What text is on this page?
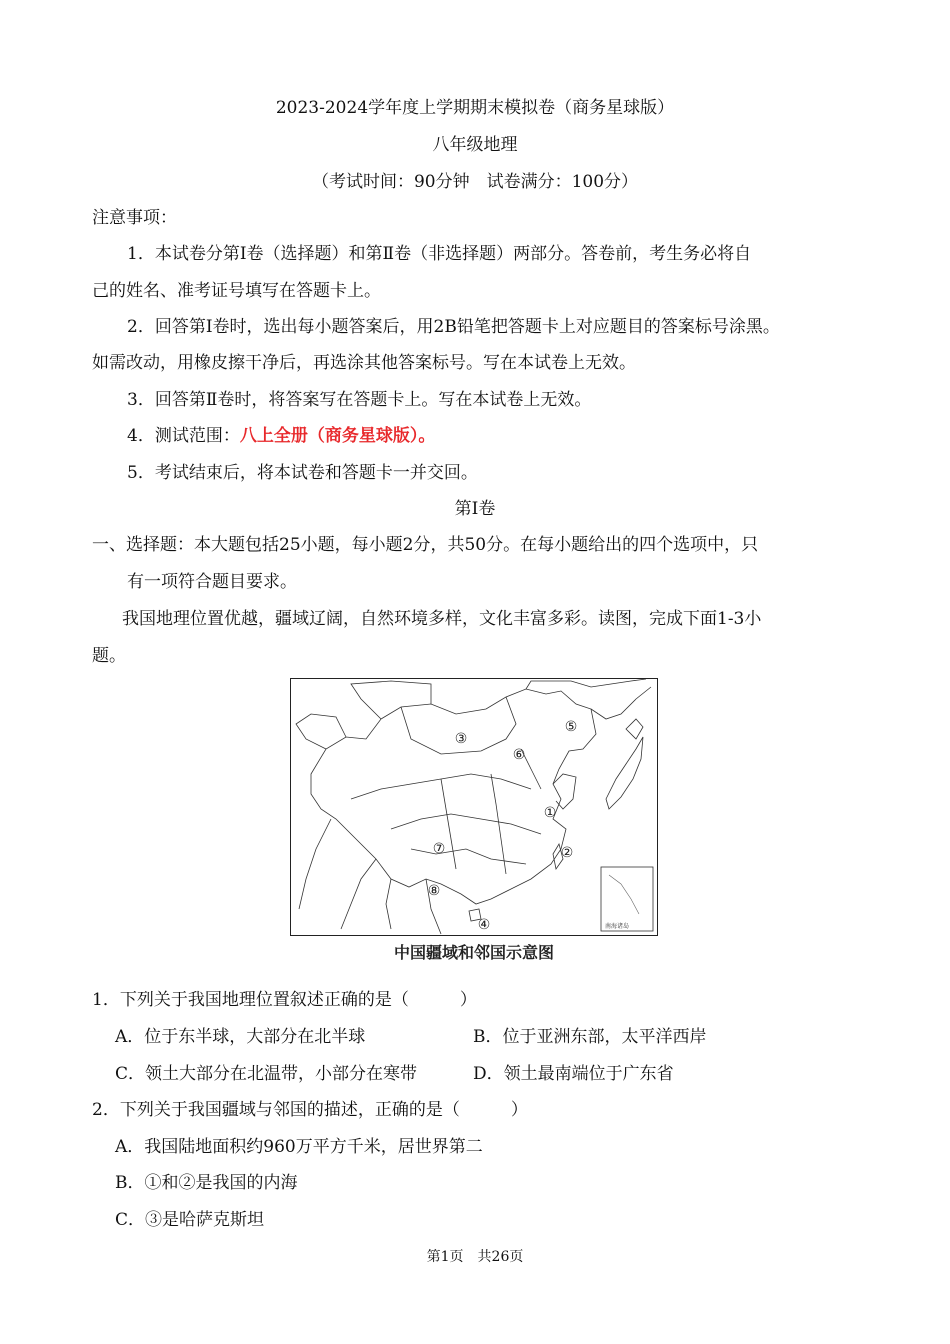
2023-2024学年度上学期期末模拟卷（商务星球版）
八年级地理
（考试时间：90分钟　试卷满分：100分）
注意事项：
1．本试卷分第Ⅰ卷（选择题）和第Ⅱ卷（非选择题）两部分。答卷前，考生务必将自
己的姓名、准考证号填写在答题卡上。
2．回答第Ⅰ卷时，选出每小题答案后，用2B铅笔把答题卡上对应题目的答案标号涂黑。
如需改动，用橡皮擦干净后，再选涂其他答案标号。写在本试卷上无效。
3．回答第Ⅱ卷时，将答案写在答题卡上。写在本试卷上无效。
4．测试范围：八上全册（商务星球版）。
5．考试结束后，将本试卷和答题卡一并交回。
第Ⅰ卷
一、选择题：本大题包括25小题，每小题2分，共50分。在每小题给出的四个选项中，只
有一项符合题目要求。
我国地理位置优越，疆域辽阔，自然环境多样，文化丰富多彩。读图，完成下面1-3小
题。
南海诸岛
①
②
③
④
⑤
⑥
⑦
⑧
中国疆域和邻国示意图
1．下列关于我国地理位置叙述正确的是（　　　）
A．位于东半球，大部分在北半球	B．位于亚洲东部，太平洋西岸
C．领土大部分在北温带，小部分在寒带	D．领土最南端位于广东省
2．下列关于我国疆域与邻国的描述，正确的是（　　　）
A．我国陆地面积约960万平方千米，居世界第二
B．①和②是我国的内海
C．③是哈萨克斯坦
第1页　共26页
